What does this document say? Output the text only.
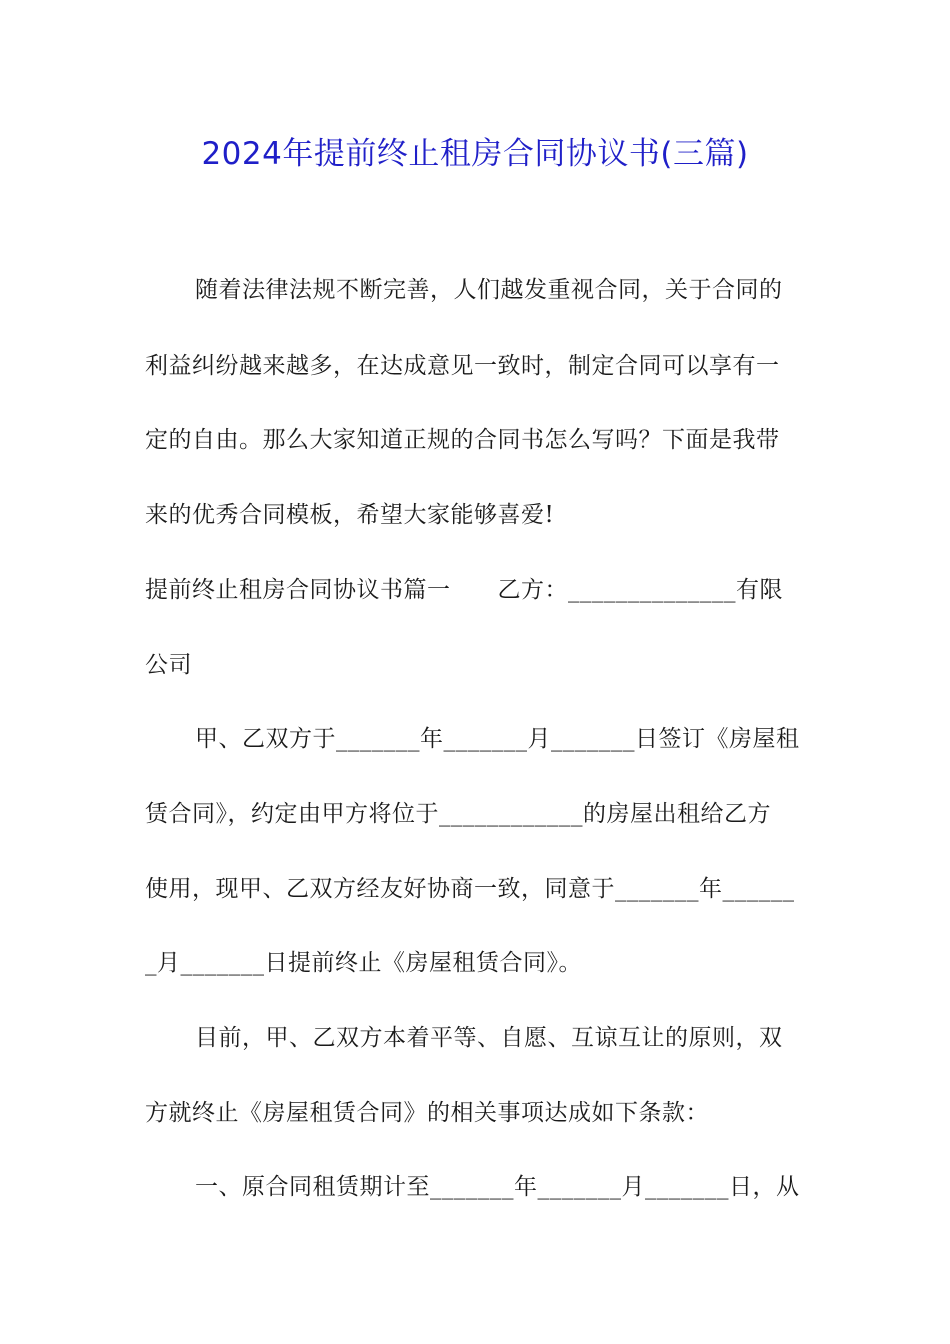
2024年提前终止租房合同协议书(三篇)
随着法律法规不断完善，人们越发重视合同，关于合同的
利益纠纷越来越多，在达成意见一致时，制定合同可以享有一
定的自由。那么大家知道正规的合同书怎么写吗？下面是我带
来的优秀合同模板，希望大家能够喜爱!
提前终止租房合同协议书篇一　　乙方：______________有限
公司
甲、乙双方于_______年_______月_______日签订《房屋租
赁合同》，约定由甲方将位于____________的房屋出租给乙方
使用，现甲、乙双方经友好协商一致，同意于_______年______
_月_______日提前终止《房屋租赁合同》。
目前，甲、乙双方本着平等、自愿、互谅互让的原则，双
方就终止《房屋租赁合同》的相关事项达成如下条款：
一、原合同租赁期计至_______年_______月_______日，从
